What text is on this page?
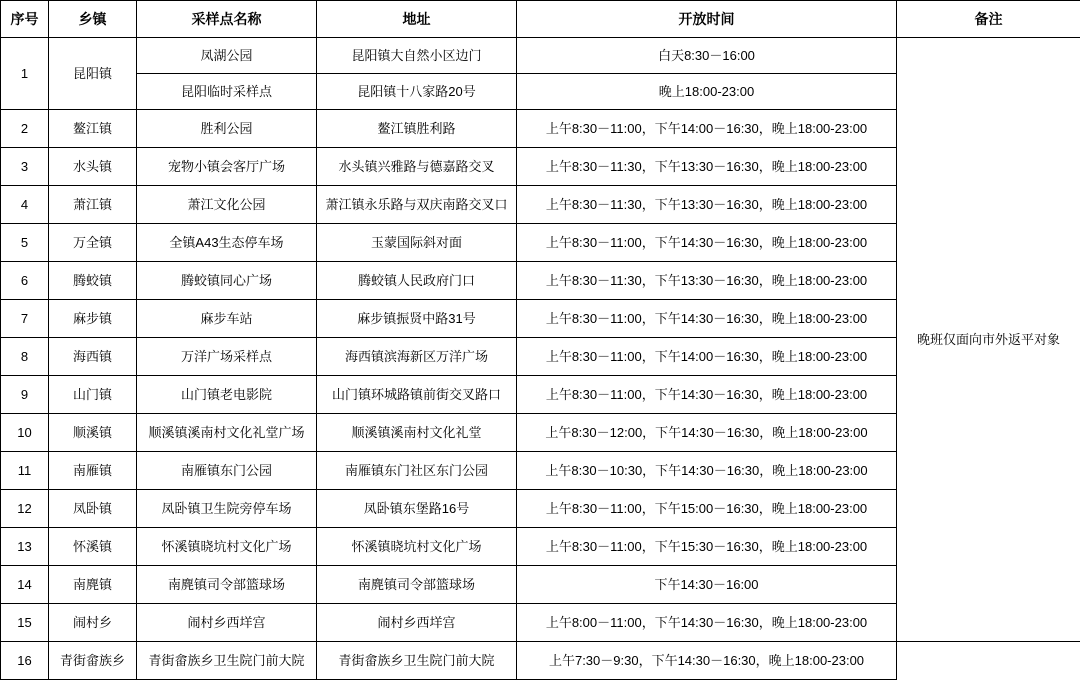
序号	乡镇	采样点名称	地址	开放时间	备注
1	昆阳镇	凤湖公园	昆阳镇大自然小区边门	白天8:30－16:00	晚班仅面向市外返平对象
		昆阳临时采样点	昆阳镇十八家路20号	晚上18:00-23:00	
2	鳌江镇	胜利公园	鳌江镇胜利路	上午8:30－11:00，下午14:00－16:30，晚上18:00-23:00	
3	水头镇	宠物小镇会客厅广场	水头镇兴雅路与德嘉路交叉	上午8:30－11:30，下午13:30－16:30，晚上18:00-23:00	
4	萧江镇	萧江文化公园	萧江镇永乐路与双庆南路交叉口	上午8:30－11:30，下午13:30－16:30，晚上18:00-23:00	
5	万全镇	全镇A43生态停车场	玉蒙国际斜对面	上午8:30－11:00，下午14:30－16:30，晚上18:00-23:00	
6	腾蛟镇	腾蛟镇同心广场	腾蛟镇人民政府门口	上午8:30－11:30，下午13:30－16:30，晚上18:00-23:00	
7	麻步镇	麻步车站	麻步镇振贤中路31号	上午8:30－11:00，下午14:30－16:30，晚上18:00-23:00	
8	海西镇	万洋广场采样点	海西镇滨海新区万洋广场	上午8:30－11:00，下午14:00－16:30，晚上18:00-23:00	
9	山门镇	山门镇老电影院	山门镇环城路镇前街交叉路口	上午8:30－11:00，下午14:30－16:30，晚上18:00-23:00	
10	顺溪镇	顺溪镇溪南村文化礼堂广场	顺溪镇溪南村文化礼堂	上午8:30－12:00，下午14:30－16:30，晚上18:00-23:00	
11	南雁镇	南雁镇东门公园	南雁镇东门社区东门公园	上午8:30－10:30，下午14:30－16:30，晚上18:00-23:00	
12	凤卧镇	凤卧镇卫生院旁停车场	凤卧镇东堡路16号	上午8:30－11:00，下午15:00－16:30，晚上18:00-23:00	
13	怀溪镇	怀溪镇晓坑村文化广场	怀溪镇晓坑村文化广场	上午8:30－11:00，下午15:30－16:30，晚上18:00-23:00	
14	南麂镇	南麂镇司令部篮球场	南麂镇司令部篮球场	下午14:30－16:00	
15	闹村乡	闹村乡西垟宫	闹村乡西垟宫	上午8:00－11:00，下午14:30－16:30，晚上18:00-23:00	
16	青街畲族乡	青街畲族乡卫生院门前大院	青街畲族乡卫生院门前大院	上午7:30－9:30，下午14:30－16:30，晚上18:00-23:00	
